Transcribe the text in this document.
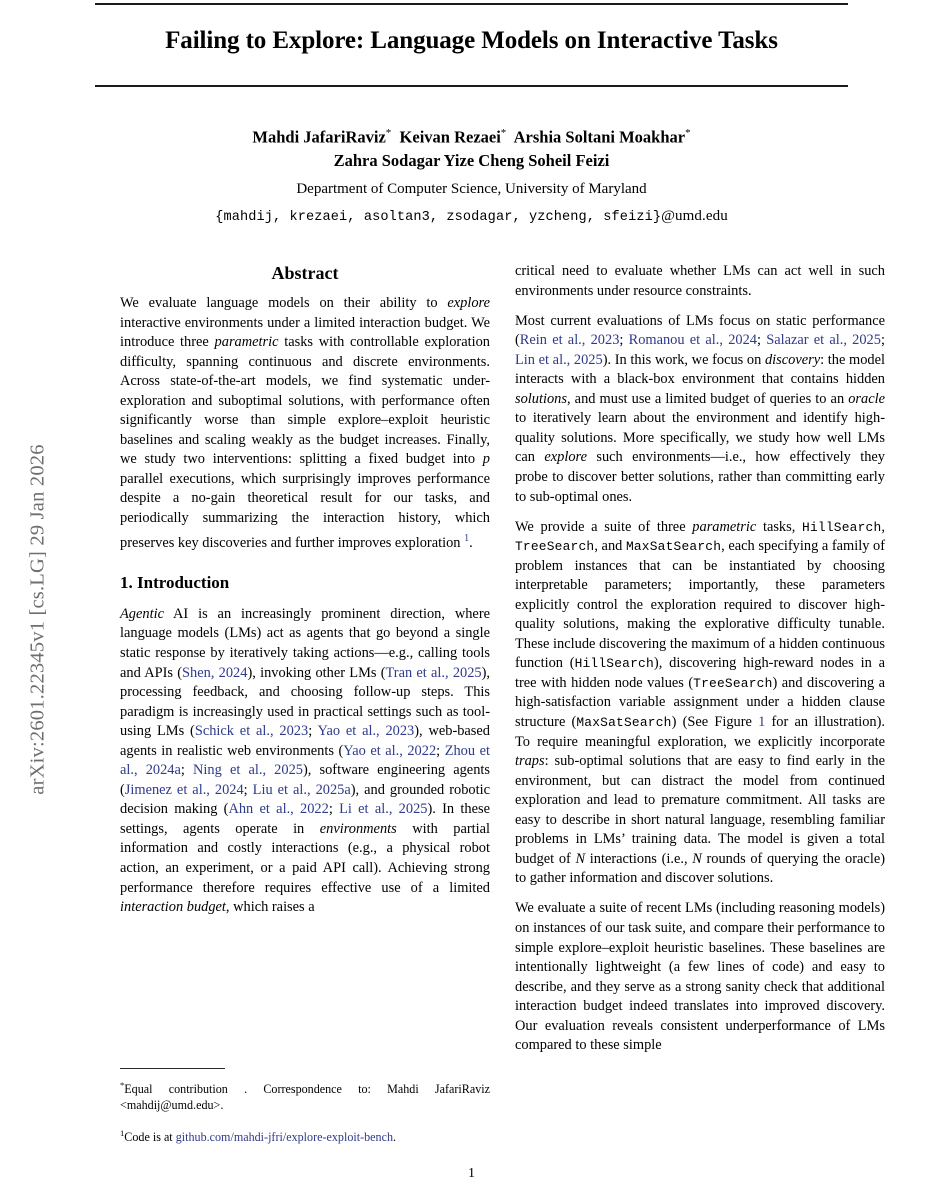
arXiv:2601.22345v1 [cs.LG] 29 Jan 2026
Failing to Explore: Language Models on Interactive Tasks
Mahdi JafariRaviz* Keivan Rezaei* Arshia Soltani Moakhar*
Zahra Sodagar Yize Cheng Soheil Feizi
Department of Computer Science, University of Maryland
{mahdij, krezaei, asoltan3, zsodagar, yzcheng, sfeizi}@umd.edu
Abstract

We evaluate language models on their ability to explore interactive environments under a limited interaction budget. We introduce three parametric tasks with controllable exploration difficulty, spanning continuous and discrete environments. Across state-of-the-art models, we find systematic under-exploration and suboptimal solutions, with performance often significantly worse than simple explore–exploit heuristic baselines and scaling weakly as the budget increases. Finally, we study two interventions: splitting a fixed budget into p parallel executions, which surprisingly improves performance despite a no-gain theoretical result for our tasks, and periodically summarizing the interaction history, which preserves key discoveries and further improves exploration $^1$.

1. Introduction

Agentic AI is an increasingly prominent direction, where language models (LMs) act as agents that go beyond a single static response by iteratively taking actions—e.g., calling tools and APIs (Shen, 2024), invoking other LMs (Tran et al., 2025), processing feedback, and choosing follow-up steps. This paradigm is increasingly used in practical settings such as tool-using LMs (Schick et al., 2023; Yao et al., 2023), web-based agents in realistic web environments (Yao et al., 2022; Zhou et al., 2024a; Ning et al., 2025), software engineering agents (Jimenez et al., 2024; Liu et al., 2025a), and grounded robotic decision making (Ahn et al., 2022; Li et al., 2025). In these settings, agents operate in environments with partial information and costly interactions (e.g., a physical robot action, an experiment, or a paid API call). Achieving strong performance therefore requires effective use of a limited interaction budget, which raises a

critical need to evaluate whether LMs can act well in such environments under resource constraints.

Most current evaluations of LMs focus on static performance (Rein et al., 2023; Romanou et al., 2024; Salazar et al., 2025; Lin et al., 2025). In this work, we focus on discovery: the model interacts with a black-box environment that contains hidden solutions, and must use a limited budget of queries to an oracle to iteratively learn about the environment and identify high-quality solutions. More specifically, we study how well LMs can explore such environments—i.e., how effectively they probe to discover better solutions, rather than committing early to sub-optimal ones.

We provide a suite of three parametric tasks, HillSearch, TreeSearch, and MaxSatSearch, each specifying a family of problem instances that can be instantiated by choosing interpretable parameters; importantly, these parameters explicitly control the exploration required to discover high-quality solutions, making the explorative difficulty tunable. These include discovering the maximum of a hidden continuous function (HillSearch), discovering high-reward nodes in a tree with hidden node values (TreeSearch) and discovering a high-satisfaction variable assignment under a hidden clause structure (MaxSatSearch) (See Figure 1 for an illustration). To require meaningful exploration, we explicitly incorporate traps: sub-optimal solutions that are easy to find early in the environment, but can distract the model from continued exploration and lead to premature commitment. All tasks are easy to describe in short natural language, resembling familiar problems in LMs’ training data. The model is given a total budget of N interactions (i.e., N rounds of querying the oracle) to gather information and discover solutions.

We evaluate a suite of recent LMs (including reasoning models) on instances of our task suite, and compare their performance to simple explore–exploit heuristic baselines. These baselines are intentionally lightweight (a few lines of code) and easy to describe, and they serve as a strong sanity check that additional interaction budget indeed translates into improved discovery. Our evaluation reveals consistent underperformance of LMs compared to these simple

*Equal contribution . Correspondence to: Mahdi JafariRaviz <mahdij@umd.edu>.

$^1$Code is at github.com/mahdi-jfri/explore-exploit-bench.

1
